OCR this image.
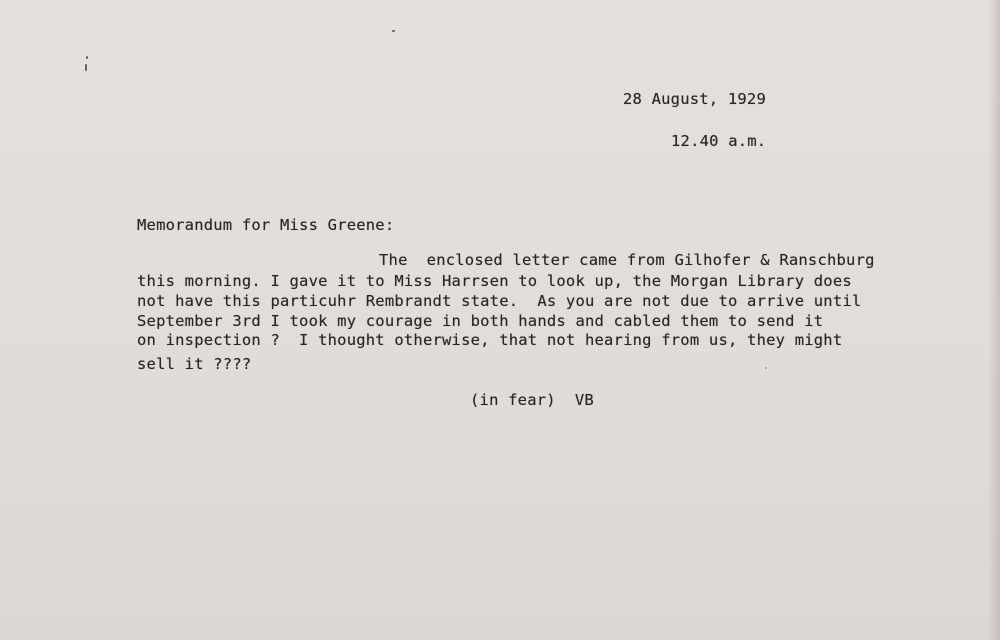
28 August, 1929
12.40 a.m.
Memorandum for Miss Greene:
The  enclosed letter came from Gilhofer & Ranschburg
this morning. I gave it to Miss Harrsen to look up, the Morgan Library does
not have this particuhr Rembrandt state.  As you are not due to arrive until
September 3rd I took my courage in both hands and cabled them to send it
on inspection ?  I thought otherwise, that not hearing from us, they might
sell it ????
(in fear)  VB
